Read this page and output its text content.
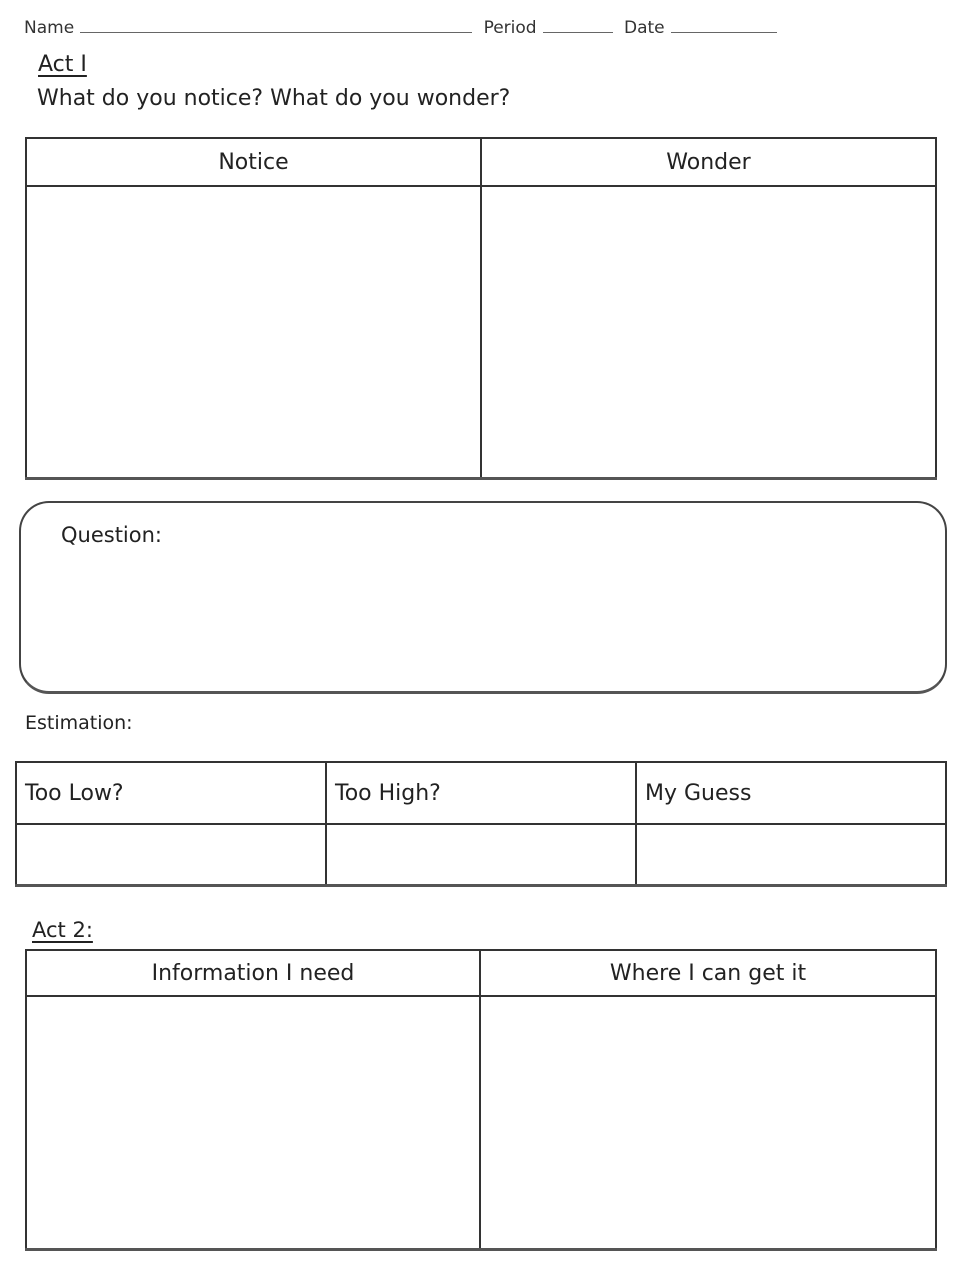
Name	Period	Date
Act I
What do you notice? What do you wonder?
Notice	Wonder

Question:
Estimation:
Too Low?	Too High?	My Guess

Act 2:
Information I need	Where I can get it
